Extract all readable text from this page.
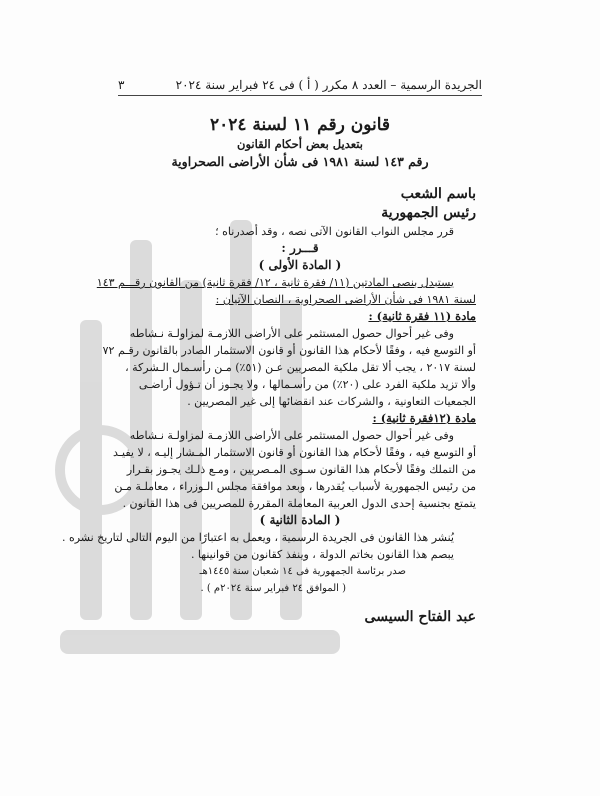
الجريدة الرسمية – العدد ٨ مكرر ( أ ) فى ٢٤ فبراير سنة ٢٠٢٤
٣
قانون رقم ١١ لسنة ٢٠٢٤
بتعديل بعض أحكام القانون
رقم ١٤٣ لسنة ١٩٨١ فى شأن الأراضى الصحراوية
باسم الشعب
رئيس الجمهورية
قرر مجلس النواب القانون الآتى نصه ، وقد أصدرناه ؛
قـــرر :
( المادة الأولى )
يستبدل بنصى المادتين (١١/ فقرة ثانية ، ١٢/ فقرة ثانية) من القانون رقـــم ١٤٣
لسنة ١٩٨١ فى شأن الأراضى الصحراوية ، النصان الآتيان :
مادة (١١ فقرة ثانية) :
وفى غير أحوال حصول المستثمر على الأراضى اللازمـة لمزاولـة نـشاطه
أو التوسع فيه ، وفقًا لأحكام هذا القانون أو قانون الاستثمار الصادر بالقانون رقـم ٧٢
لسنة ٢٠١٧ ، يجب ألا تقل ملكية المصريين عـن (٥١٪) مـن رأسـمال الـشركة ،
وألا تزيد ملكية الفرد على (٢٠٪) من رأسـمالها ، ولا يجـوز أن تـؤول أراضـى
الجمعيات التعاونية ، والشركات عند انقضائها إلى غير المصريين .
مادة (١٢فقرة ثانية) :
وفى غير أحوال حصول المستثمر على الأراضى اللازمـة لمزاولـة نـشاطه
أو التوسع فيه ، وفقًا لأحكام هذا القانون أو قانون الاستثمار المـشار إليـه ، لا يفيـد
من التملك وفقًا لأحكام هذا القانون سـوى المـصريين ، ومـع ذلـك يجـوز بقـرار
من رئيس الجمهورية لأسباب يُقدرها ، وبعد موافقة مجلس الـوزراء ، معاملـة مـن
يتمتع بجنسية إحدى الدول العربية المعاملة المقررة للمصريين فى هذا القانون .
( المادة الثانية )
يُنشر هذا القانون فى الجريدة الرسمية ، ويعمل به اعتبارًا من اليوم التالى لتاريخ نشره .
يبصم هذا القانون بخاتم الدولة ، وينفذ كقانون من قوانينها .
صدر برئاسة الجمهورية فى ١٤ شعبان سنة ١٤٤٥هـ
( الموافق ٢٤ فبراير سنة ٢٠٢٤م ) .
عبد الفتاح السيسى
